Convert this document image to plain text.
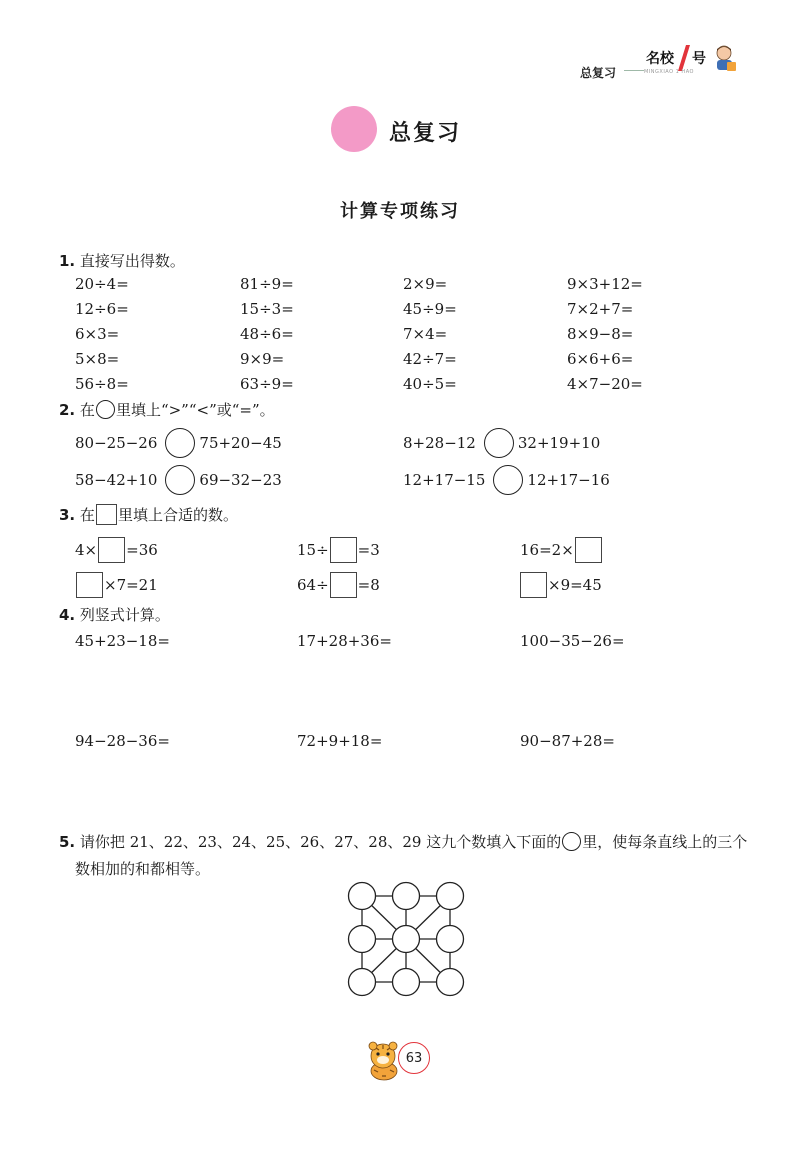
总复习
名校 号
MINGXIAO 1 HAO
总复习
计算专项练习
1. 直接写出得数。
20÷4=	81÷9=	2×9=	9×3+12=
12÷6=	15÷3=	45÷9=	7×2+7=
6×3=	48÷6=	7×4=	8×9−8=
5×8=	9×9=	42÷7=	6×6+6=
56÷8=	63÷9=	40÷5=	4×7−20=
2.
在 里填上“>”“<”或“=”。
80−25−26	75+20−45	8+28−12	32+19+10
58−42+10	69−32−23	12+17−15	12+17−16
3.
在 里填上合适的数。
4× =36	15÷ =3	16=2×
×7=21	64÷ =8	×9=45
4. 列竖式计算。
45+23−18=	17+28+36=	100−35−26=
94−28−36=	72+9+18=	90−87+28=
5.
请你把 21、22、23、24、25、26、27、28、29 这九个数填入下面的 里，使每条直线上的三个
数相加的和都相等。
63
